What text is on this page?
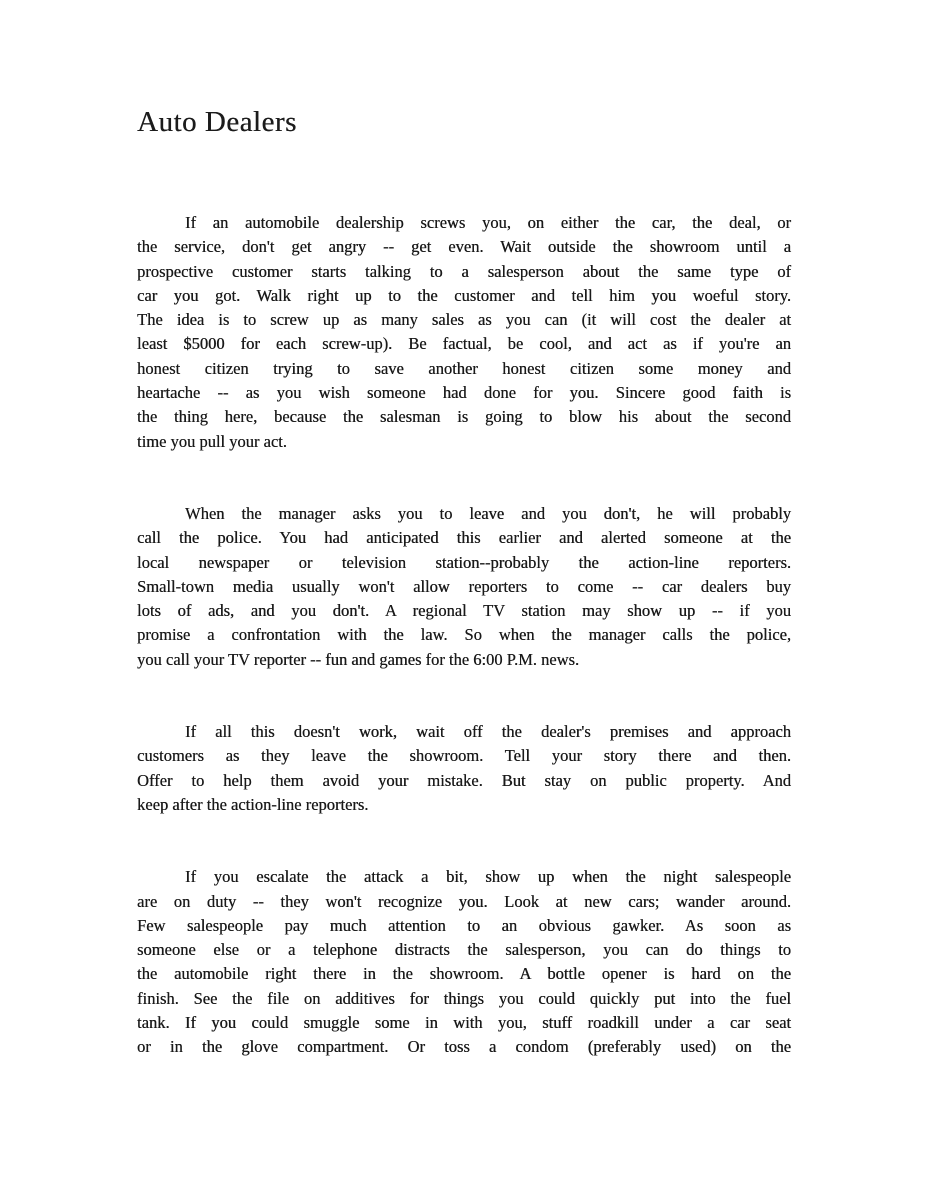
Auto Dealers

If an automobile dealership screws you, on either the car, the deal, or
the service, don't get angry -- get even. Wait outside the showroom until a
prospective customer starts talking to a salesperson about the same type of
car you got. Walk right up to the customer and tell him you woeful story.
The idea is to screw up as many sales as you can (it will cost the dealer at
least $5000 for each screw-up). Be factual, be cool, and act as if you're an
honest citizen trying to save another honest citizen some money and
heartache -- as you wish someone had done for you. Sincere good faith is
the thing here, because the salesman is going to blow his about the second
time you pull your act.

When the manager asks you to leave and you don't, he will probably
call the police. You had anticipated this earlier and alerted someone at the
local newspaper or television station--probably the action-line reporters.
Small-town media usually won't allow reporters to come -- car dealers buy
lots of ads, and you don't. A regional TV station may show up -- if you
promise a confrontation with the law. So when the manager calls the police,
you call your TV reporter -- fun and games for the 6:00 P.M. news.

If all this doesn't work, wait off the dealer's premises and approach
customers as they leave the showroom. Tell your story there and then.
Offer to help them avoid your mistake. But stay on public property. And
keep after the action-line reporters.

If you escalate the attack a bit, show up when the night salespeople
are on duty -- they won't recognize you. Look at new cars; wander around.
Few salespeople pay much attention to an obvious gawker. As soon as
someone else or a telephone distracts the salesperson, you can do things to
the automobile right there in the showroom. A bottle opener is hard on the
finish. See the file on additives for things you could quickly put into the fuel
tank. If you could smuggle some in with you, stuff roadkill under a car seat
or in the glove compartment. Or toss a condom (preferably used) on the
